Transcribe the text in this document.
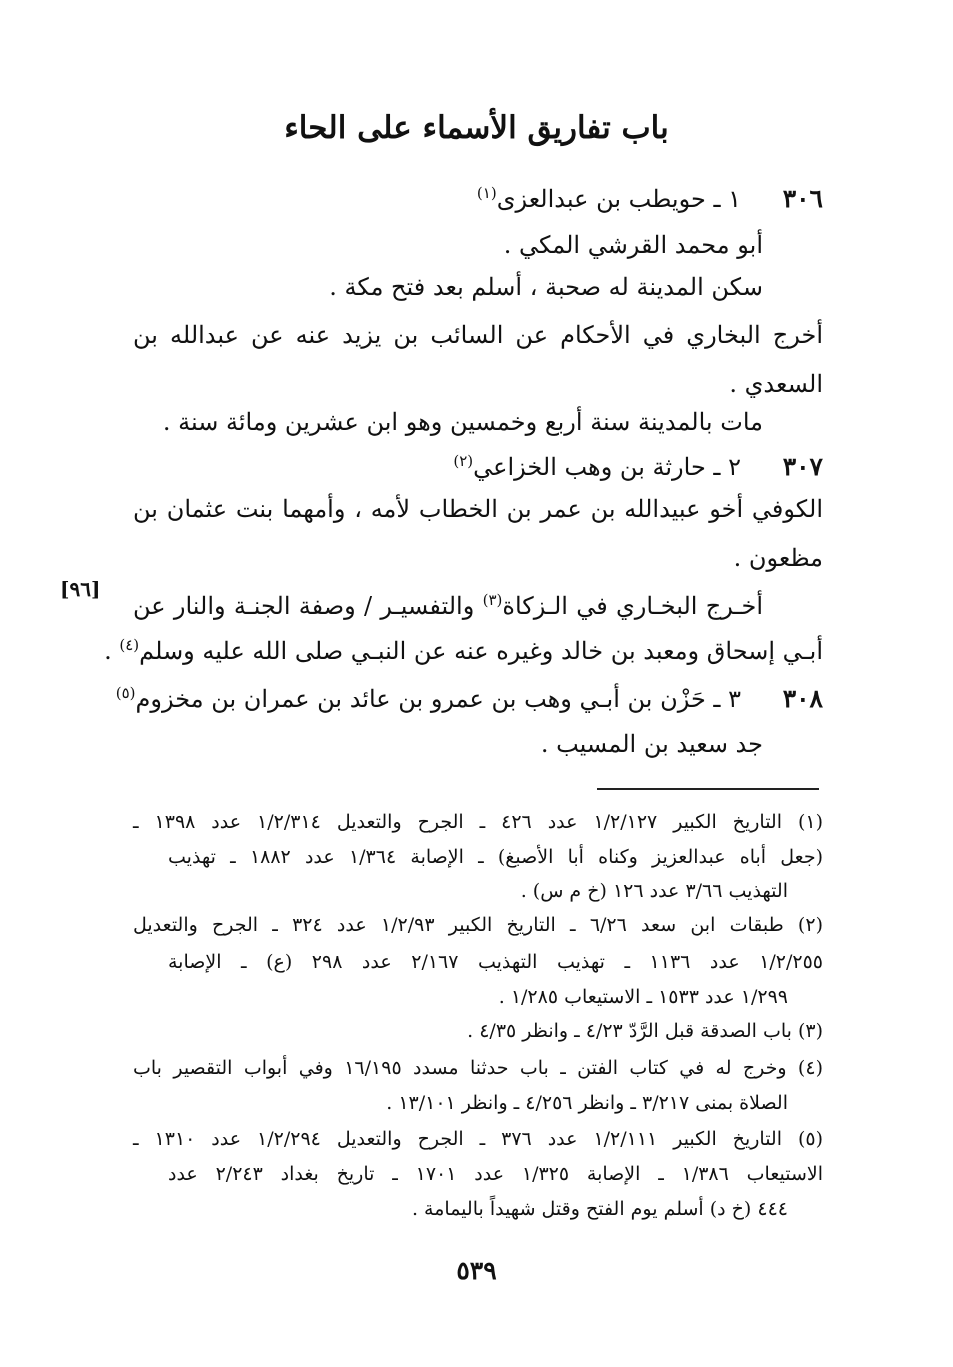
باب تفاريق الأسماء على الحاء
٣٠٦
١ ـ حويطب بن عبدالعزى$^{(١)}$
أبو محمد القرشي المكي .
سكن المدينة له صحبة ، أسلم بعد فتح مكة .
أخرج البخاري في الأحكام عن السائب بن يزيد عنه عن عبدالله بن
السعدي .
مات بالمدينة سنة أربع وخمسين وهو ابن عشرين ومائة سنة .
٣٠٧
٢ ـ حارثة بن وهب الخزاعي$^{(٢)}$
الكوفي أخو عبيدالله بن عمر بن الخطاب لأمه ، وأمهما بنت عثمان بن
مظعون .
[٩٦]
أخـرج البخـاري في الـزكاة$^{(٣)}$ والتفسيـر / وصفة الجنـة والنار عن
أبـي إسحاق ومعبد بن خالد وغيره عنه عن النبـي صلى الله عليه وسلم$^{(٤)}$ .
٣٠٨
٣ ـ حَزْن بن أبـي وهب بن عمرو بن عائد بن عمران بن مخزوم$^{(٥)}$
جد سعيد بن المسيب .
(١) التاريخ الكبير ١/٢/١٢٧ عدد ٤٢٦ ـ الجرح والتعديل ١/٢/٣١٤ عدد ١٣٩٨ ـ
(جعل أباه عبدالعزيز وكناه أبا الأصبغ) ـ الإصابة ١/٣٦٤ عدد ١٨٨٢ ـ تهذيب
التهذيب ٣/٦٦ عدد ١٢٦ (خ م س) .
(٢) طبقات ابن سعد ٦/٢٦ ـ التاريخ الكبير ١/٢/٩٣ عدد ٣٢٤ ـ الجرح والتعديل
١/٢/٢٥٥ عدد ١١٣٦ ـ تهذيب التهذيب ٢/١٦٧ عدد ٢٩٨ (ع) ـ الإصابة
١/٢٩٩ عدد ١٥٣٣ ـ الاستيعاب ١/٢٨٥ .
(٣) باب الصدقة قبل الرَّدّ ٤/٢٣ ـ وانظر ٤/٣٥ .
(٤) وخرج له في كتاب الفتن ـ باب حدثنا مسدد ١٦/١٩٥ وفي أبواب التقصير باب
الصلاة بمنى ٣/٢١٧ ـ وانظر ٤/٢٥٦ ـ وانظر ١٣/١٠١ .
(٥) التاريخ الكبير ١/٢/١١١ عدد ٣٧٦ ـ الجرح والتعديل ١/٢/٢٩٤ عدد ١٣١٠ ـ
الاستيعاب ١/٣٨٦ ـ الإصابة ١/٣٢٥ عدد ١٧٠١ ـ تاريخ بغداد ٢/٢٤٣ عدد
٤٤٤ (خ د) أسلم يوم الفتح وقتل شهيداً باليمامة .
٥٣٩
